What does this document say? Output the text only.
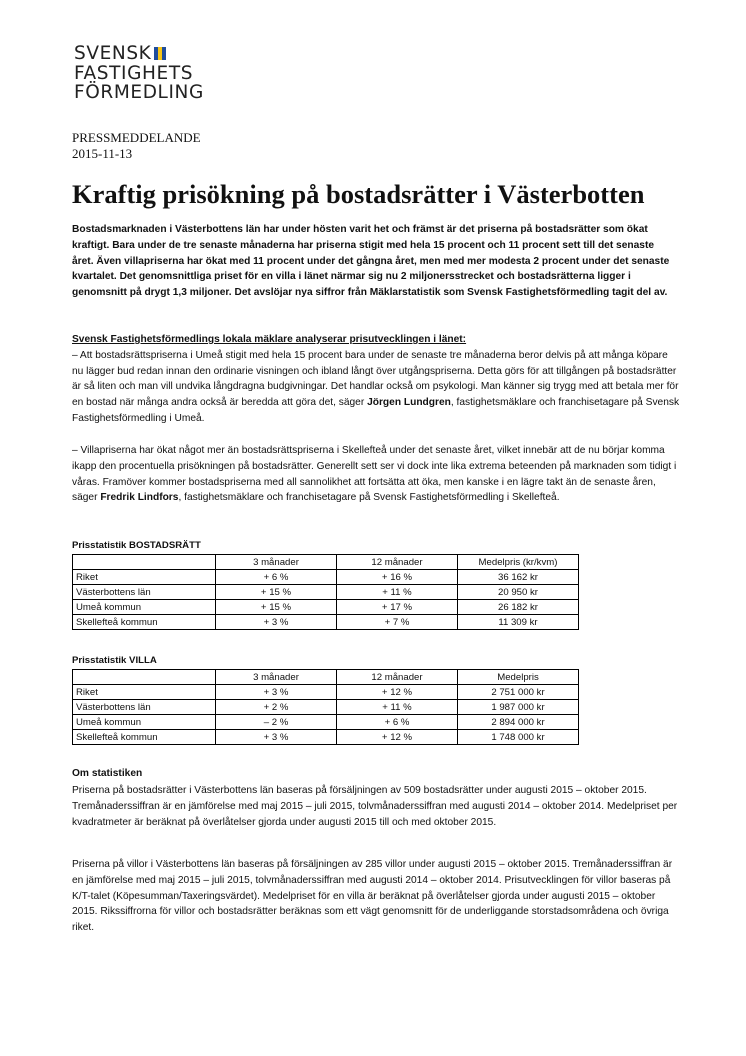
SVENSK
FASTIGHETS
FÖRMEDLING
PRESSMEDDELANDE
2015-11-13
Kraftig prisökning på bostadsrätter i Västerbotten

Bostadsmarknaden i Västerbottens län har under hösten varit het och främst är det priserna på bostadsrätter som ökat kraftigt. Bara under de tre senaste månaderna har priserna stigit med hela 15 procent och 11 procent sett till det senaste året. Även villapriserna har ökat med 11 procent under det gångna året, men med mer modesta 2 procent under det senaste kvartalet. Det genomsnittliga priset för en villa i länet närmar sig nu 2 miljonersstrecket och bostadsrätterna ligger i genomsnitt på drygt 1,3 miljoner. Det avslöjar nya siffror från Mäklarstatistik som Svensk Fastighetsförmedling tagit del av.

Svensk Fastighetsförmedlings lokala mäklare analyserar prisutvecklingen i länet:
– Att bostadsrättspriserna i Umeå stigit med hela 15 procent bara under de senaste tre månaderna beror delvis på att många köpare nu lägger bud redan innan den ordinarie visningen och ibland långt över utgångspriserna. Detta görs för att tillgången på bostadsrätter är så liten och man vill undvika långdragna budgivningar. Det handlar också om psykologi. Man känner sig trygg med att betala mer för en bostad när många andra också är beredda att göra det, säger Jörgen Lundgren, fastighetsmäklare och franchisetagare på Svensk Fastighetsförmedling i Umeå.
– Villapriserna har ökat något mer än bostadsrättspriserna i Skellefteå under det senaste året, vilket innebär att de nu börjar komma ikapp den procentuella prisökningen på bostadsrätter. Generellt sett ser vi dock inte lika extrema beteenden på marknaden som tidigt i våras. Framöver kommer bostadspriserna med all sannolikhet att fortsätta att öka, men kanske i en lägre takt än de senaste åren, säger Fredrik Lindfors, fastighetsmäklare och franchisetagare på Svensk Fastighetsförmedling i Skellefteå.
Prisstatistik BOSTADSRÄTT
	3 månader	12 månader	Medelpris (kr/kvm)
Riket	+ 6 %	+ 16 %	36 162 kr
Västerbottens län	+ 15 %	+ 11 %	20 950 kr
Umeå kommun	+ 15 %	+ 17 %	26 182 kr
Skellefteå kommun	+ 3 %	+ 7 %	11 309 kr
Prisstatistik VILLA
	3 månader	12 månader	Medelpris
Riket	+ 3 %	+ 12 %	2 751 000 kr
Västerbottens län	+ 2 %	+ 11 %	1 987 000 kr
Umeå kommun	– 2 %	+ 6 %	2 894 000 kr
Skellefteå kommun	+ 3 %	+ 12 %	1 748 000 kr
Om statistiken

Priserna på bostadsrätter i Västerbottens län baseras på försäljningen av 509 bostadsrätter under augusti 2015 – oktober 2015. Tremånaderssiffran är en jämförelse med maj 2015 – juli 2015, tolvmånaderssiffran med augusti 2014 – oktober 2014. Medelpriset per kvadratmeter är beräknat på överlåtelser gjorda under augusti 2015 till och med oktober 2015.

Priserna på villor i Västerbottens län baseras på försäljningen av 285 villor under augusti 2015 – oktober 2015. Tremånaderssiffran är en jämförelse med maj 2015 – juli 2015, tolvmånaderssiffran med augusti 2014 – oktober 2014. Prisutvecklingen för villor baseras på K/T-talet (Köpesumman/Taxeringsvärdet). Medelpriset för en villa är beräknat på överlåtelser gjorda under augusti 2015 – oktober 2015. Rikssiffrorna för villor och bostadsrätter beräknas som ett vägt genomsnitt för de underliggande storstadsområdena och övriga riket.
